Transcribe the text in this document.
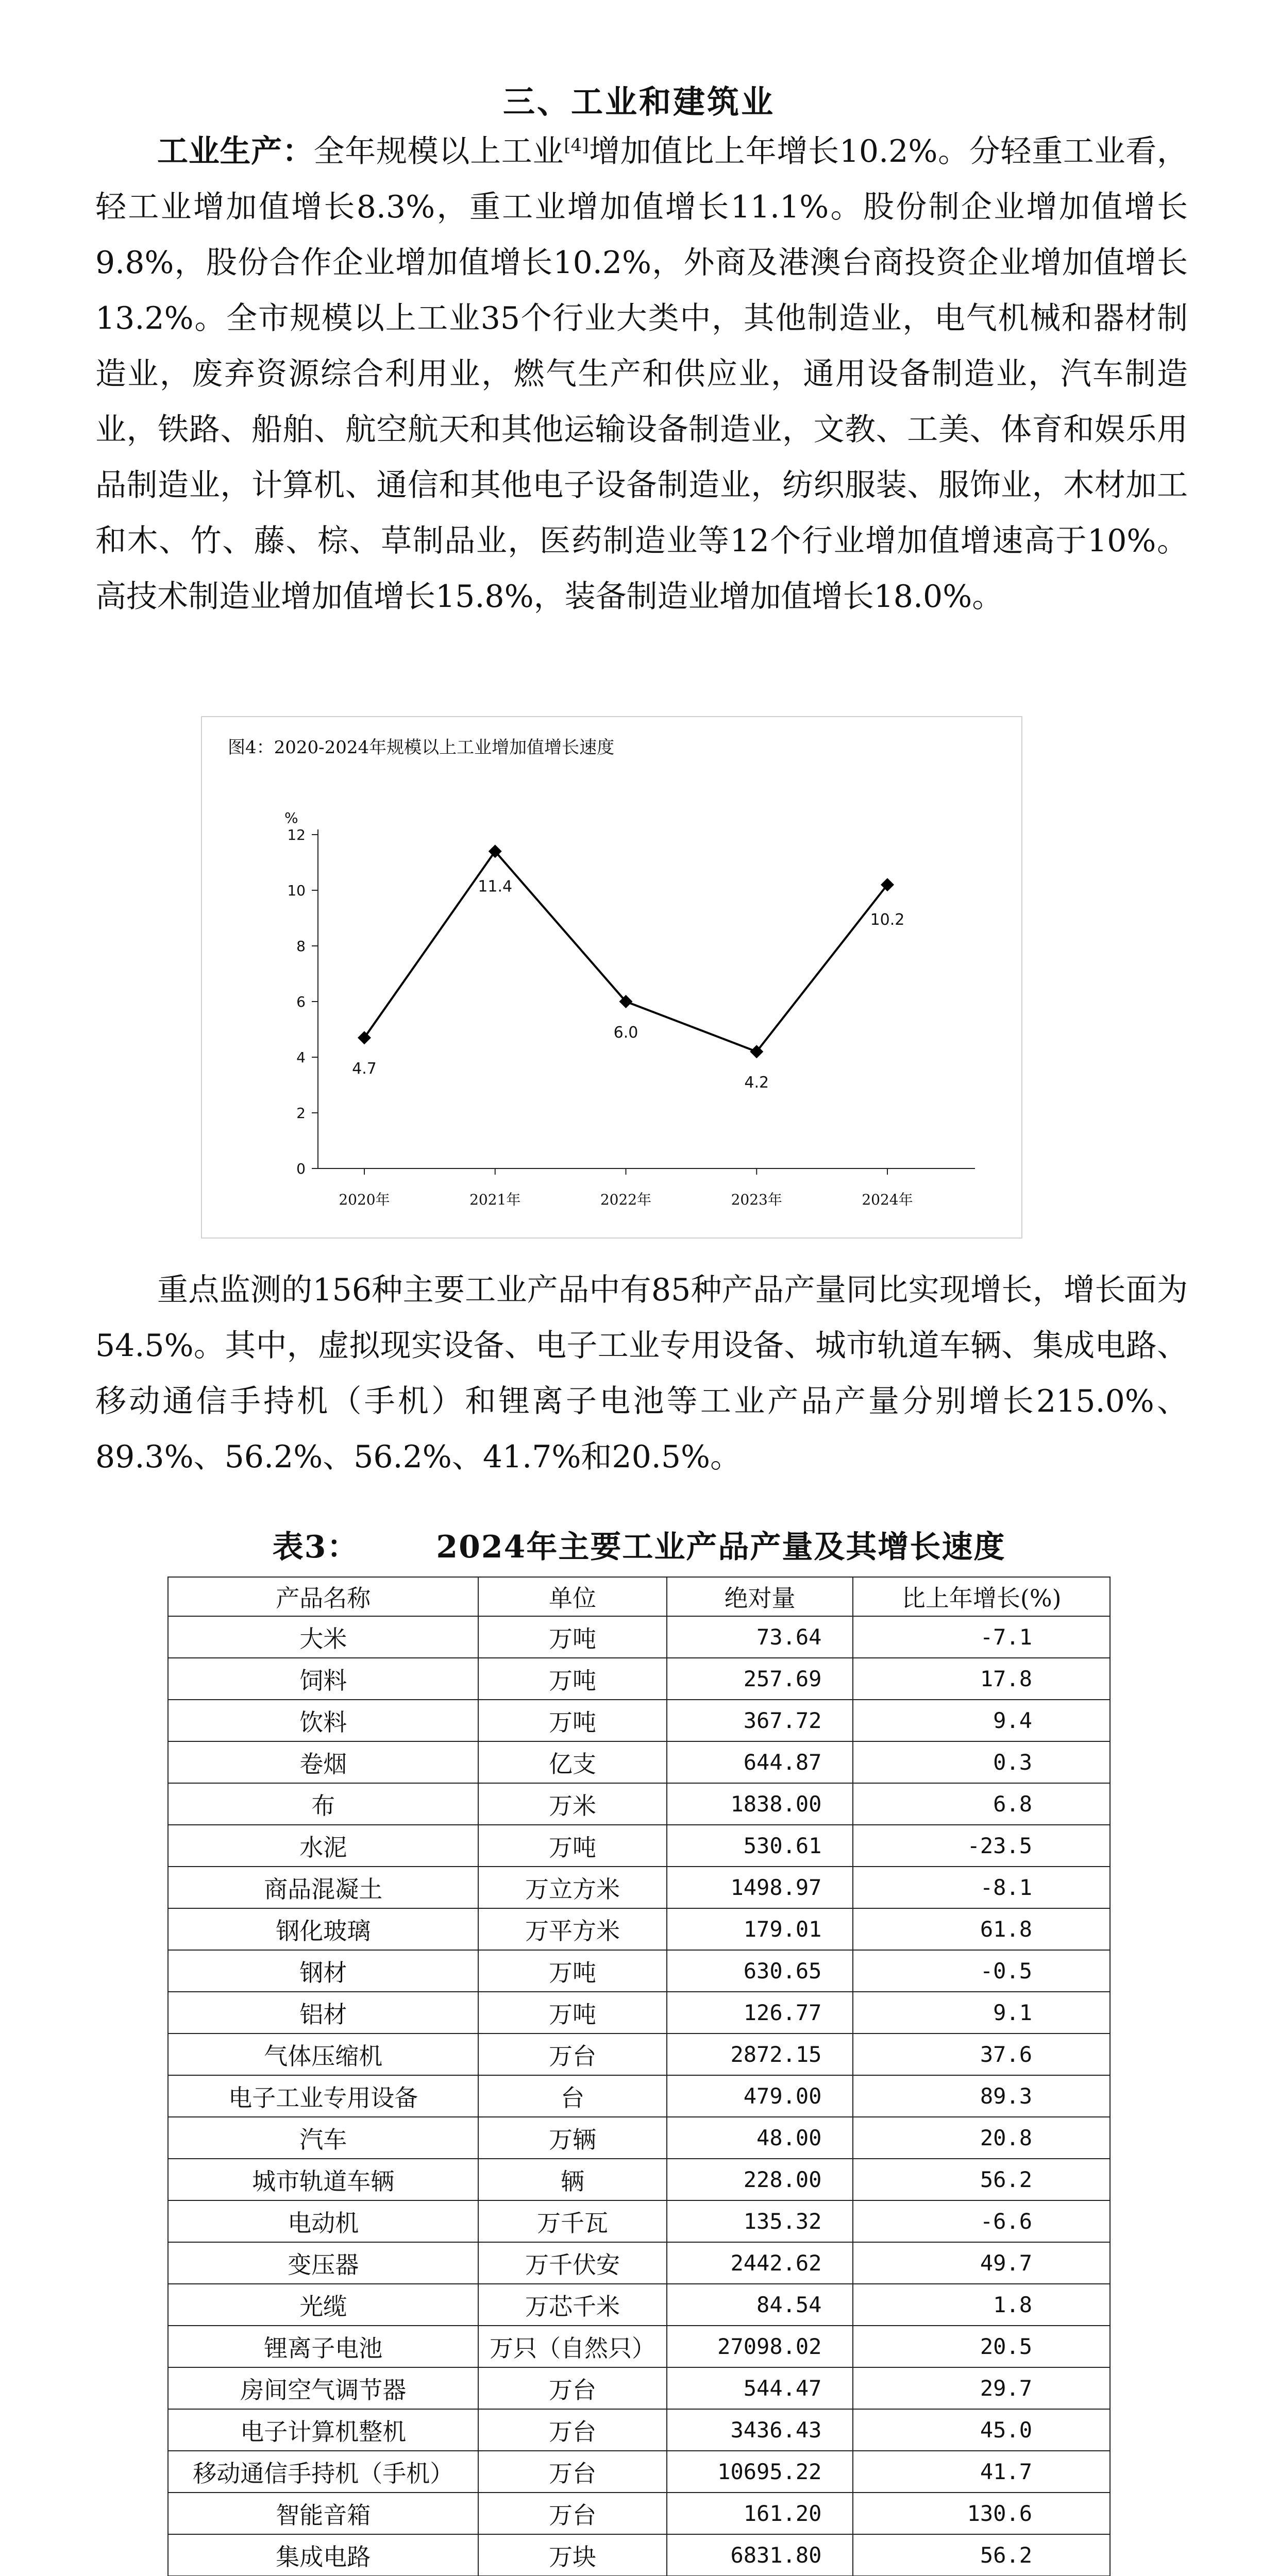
三、工业和建筑业

工业生产：全年规模以上工业[4]增加值比上年增长10.2%。分轻重工业看，轻工业增加值增长8.3%，重工业增加值增长11.1%。股份制企业增加值增长9.8%，股份合作企业增加值增长10.2%，外商及港澳台商投资企业增加值增长13.2%。全市规模以上工业35个行业大类中，其他制造业，电气机械和器材制造业，废弃资源综合利用业，燃气生产和供应业，通用设备制造业，汽车制造业，铁路、船舶、航空航天和其他运输设备制造业，文教、工美、体育和娱乐用品制造业，计算机、通信和其他电子设备制造业，纺织服装、服饰业，木材加工和木、竹、藤、棕、草制品业，医药制造业等12个行业增加值增速高于10%。高技术制造业增加值增长15.8%，装备制造业增加值增长18.0%。

图4：2020-2024年规模以上工业增加值增长速度
%
0
2
4
6
8
10
12
2020年	2021年	2022年	2023年	2024年
4.7
11.4
6.0
4.2
10.2

重点监测的156种主要工业产品中有85种产品产量同比实现增长，增长面为54.5%。其中，虚拟现实设备、电子工业专用设备、城市轨道车辆、集成电路、移动通信手持机（手机）和锂离子电池等工业产品产量分别增长215.0%、89.3%、56.2%、56.2%、41.7%和20.5%。

表3：	2024年主要工业产品产量及其增长速度
产品名称	单位	绝对量	比上年增长(%)
大米	万吨	73.64	-7.1
饲料	万吨	257.69	17.8
饮料	万吨	367.72	9.4
卷烟	亿支	644.87	0.3
布	万米	1838.00	6.8
水泥	万吨	530.61	-23.5
商品混凝土	万立方米	1498.97	-8.1
钢化玻璃	万平方米	179.01	61.8
钢材	万吨	630.65	-0.5
铝材	万吨	126.77	9.1
气体压缩机	万台	2872.15	37.6
电子工业专用设备	台	479.00	89.3
汽车	万辆	48.00	20.8
城市轨道车辆	辆	228.00	56.2
电动机	万千瓦	135.32	-6.6
变压器	万千伏安	2442.62	49.7
光缆	万芯千米	84.54	1.8
锂离子电池	万只（自然只）	27098.02	20.5
房间空气调节器	万台	544.47	29.7
电子计算机整机	万台	3436.43	45.0
移动通信手持机（手机）	万台	10695.22	41.7
智能音箱	万台	161.20	130.6
集成电路	万块	6831.80	56.2
